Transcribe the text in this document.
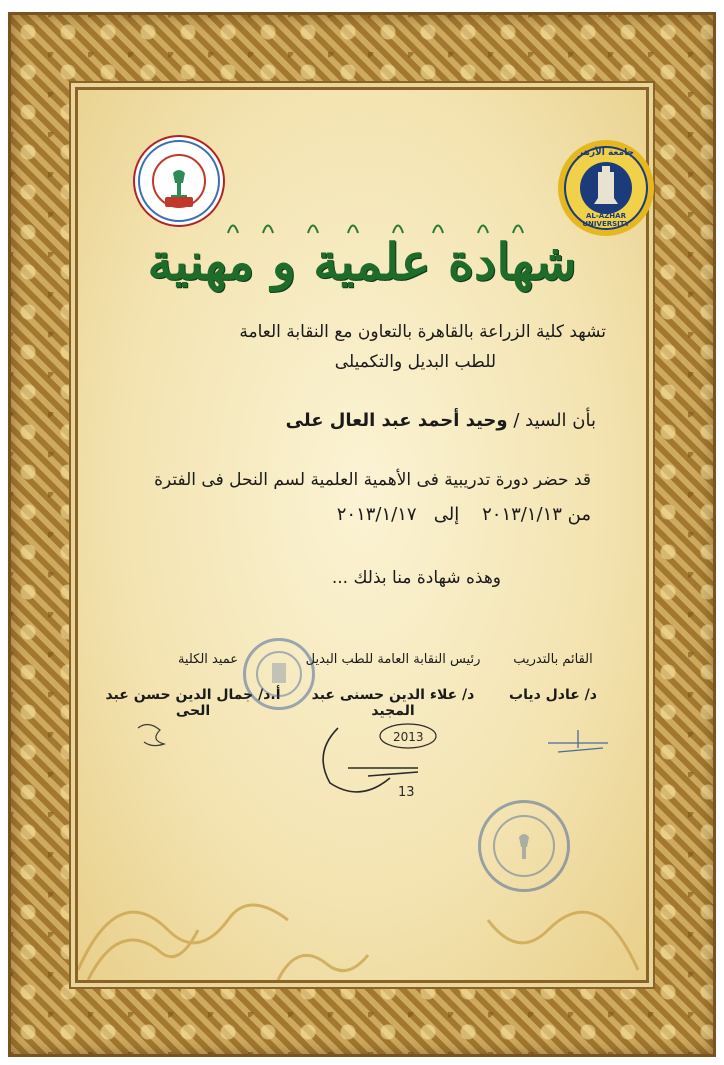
جامعة الأزهر
AL-AZHAR UNIVERSITY
شهادة علمية و مهنية
تشهد كلية الزراعة بالقاهرة بالتعاون مع النقابة العامة
للطب البديل والتكميلى
بأن السيد / وحيد أحمد عبد العال على
قد حضر دورة تدريبية فى الأهمية العلمية لسم النحل فى الفترة
من ٢٠١٣/١/١٣    إلى   ٢٠١٣/١/١٧
وهذه شهادة منا بذلك ...
القائم بالتدريب
د/ عادل دياب
رئيس النقابة العامة للطب البديل
د/ علاء الدين حسنى عبد المجيد
عميد الكلية
أ.د/ جمال الدين حسن عبد الحى
2013
13
